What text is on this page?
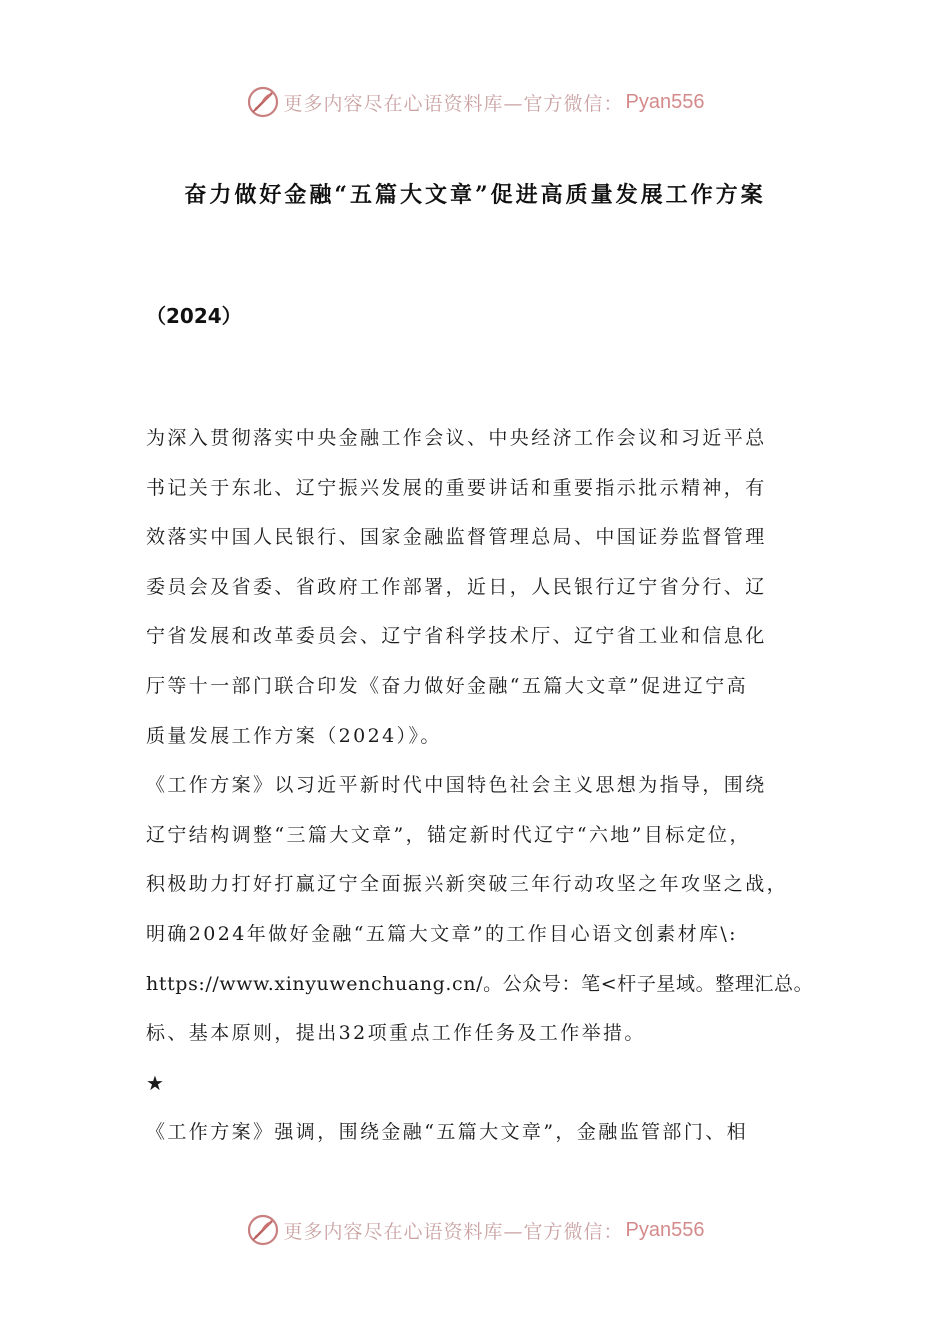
更多内容尽在心语资料库—官方微信： Pyan556
奋力做好金融“五篇大文章”促进高质量发展工作方案
（2024）
为深入贯彻落实中央金融工作会议、中央经济工作会议和习近平总
书记关于东北、辽宁振兴发展的重要讲话和重要指示批示精神，有
效落实中国人民银行、国家金融监督管理总局、中国证券监督管理
委员会及省委、省政府工作部署，近日，人民银行辽宁省分行、辽
宁省发展和改革委员会、辽宁省科学技术厅、辽宁省工业和信息化
厅等十一部门联合印发《奋力做好金融“五篇大文章”促进辽宁高
质量发展工作方案（2024）》。
《工作方案》以习近平新时代中国特色社会主义思想为指导，围绕
辽宁结构调整“三篇大文章”，锚定新时代辽宁“六地”目标定位，
积极助力打好打赢辽宁全面振兴新突破三年行动攻坚之年攻坚之战，
明确2024年做好金融“五篇大文章”的工作目心语文创素材库\:
https://www.xinyuwenchuang.cn/。公众号：笔<杆子星域。整理汇总。
标、基本原则，提出32项重点工作任务及工作举措。
★
《工作方案》强调，围绕金融“五篇大文章”，金融监管部门、相
更多内容尽在心语资料库—官方微信： Pyan556
